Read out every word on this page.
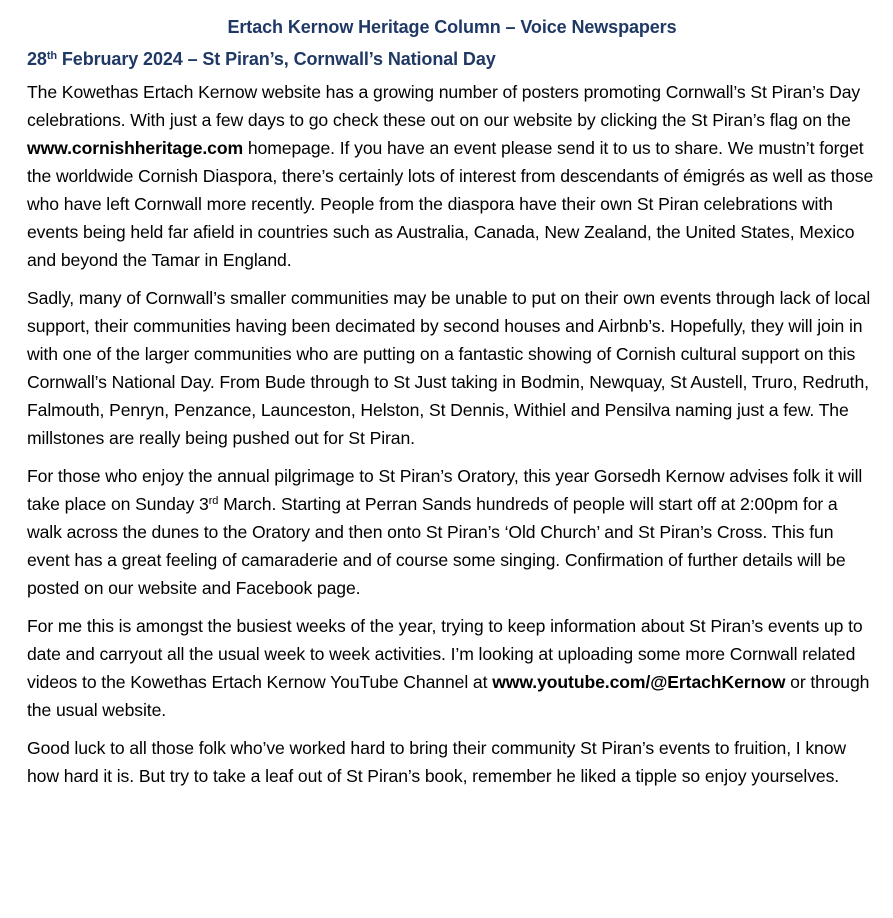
Ertach Kernow Heritage Column – Voice Newspapers
28th February 2024 – St Piran’s, Cornwall’s National Day

The Kowethas Ertach Kernow website has a growing number of posters promoting Cornwall’s St Piran’s Day celebrations. With just a few days to go check these out on our website by clicking the St Piran’s flag on the www.cornishheritage.com homepage. If you have an event please send it to us to share. We mustn’t forget the worldwide Cornish Diaspora, there’s certainly lots of interest from descendants of émigrés as well as those who have left Cornwall more recently. People from the diaspora have their own St Piran celebrations with events being held far afield in countries such as Australia, Canada, New Zealand, the United States, Mexico and beyond the Tamar in England.

Sadly, many of Cornwall’s smaller communities may be unable to put on their own events through lack of local support, their communities having been decimated by second houses and Airbnb’s. Hopefully, they will join in with one of the larger communities who are putting on a fantastic showing of Cornish cultural support on this Cornwall’s National Day. From Bude through to St Just taking in Bodmin, Newquay, St Austell, Truro, Redruth, Falmouth, Penryn, Penzance, Launceston, Helston, St Dennis, Withiel and Pensilva naming just a few. The millstones are really being pushed out for St Piran.

For those who enjoy the annual pilgrimage to St Piran’s Oratory, this year Gorsedh Kernow advises folk it will take place on Sunday 3rd March. Starting at Perran Sands hundreds of people will start off at 2:00pm for a walk across the dunes to the Oratory and then onto St Piran’s ‘Old Church’ and St Piran’s Cross. This fun event has a great feeling of camaraderie and of course some singing. Confirmation of further details will be posted on our website and Facebook page.

For me this is amongst the busiest weeks of the year, trying to keep information about St Piran’s events up to date and carryout all the usual week to week activities. I’m looking at uploading some more Cornwall related videos to the Kowethas Ertach Kernow YouTube Channel at www.youtube.com/@ErtachKernow or through the usual website.

Good luck to all those folk who’ve worked hard to bring their community St Piran’s events to fruition, I know how hard it is. But try to take a leaf out of St Piran’s book, remember he liked a tipple so enjoy yourselves.
